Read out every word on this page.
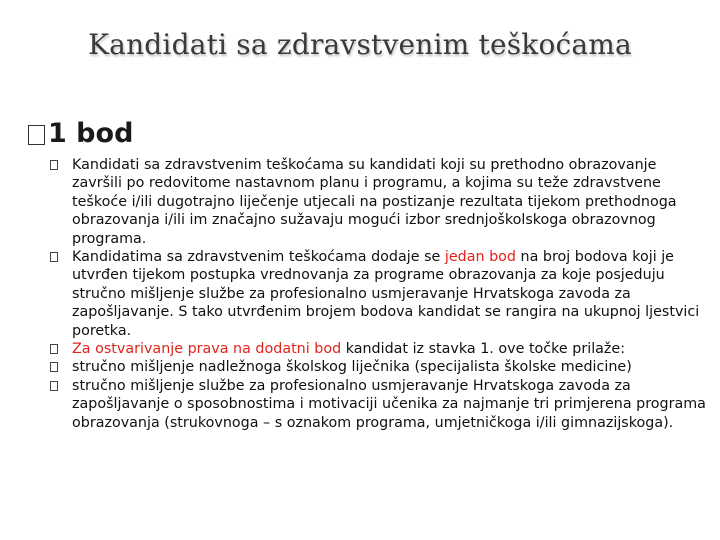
Kandidati sa zdravstvenim teškoćama
1 bod
Kandidati sa zdravstvenim teškoćama su kandidati koji su prethodno obrazovanje završili po redovitome nastavnom planu i programu, a kojima su teže zdravstvene teškoće i/ili dugotrajno liječenje utjecali na postizanje rezultata tijekom prethodnoga obrazovanja i/ili im značajno sužavaju mogući izbor srednjoškolskoga obrazovnog programa.
Kandidatima sa zdravstvenim teškoćama dodaje se jedan bod na broj bodova koji je utvrđen tijekom postupka vrednovanja za programe obrazovanja za koje posjeduju stručno mišljenje službe za profesionalno usmjeravanje Hrvatskoga zavoda za zapošljavanje. S tako utvrđenim brojem bodova kandidat se rangira na ukupnoj ljestvici poretka.
Za ostvarivanje prava na dodatni bod kandidat iz stavka 1. ove točke prilaže:
stručno mišljenje nadležnoga školskog liječnika (specijalista školske medicine)
stručno mišljenje službe za profesionalno usmjeravanje Hrvatskoga zavoda za zapošljavanje o sposobnostima i motivaciji učenika za najmanje tri primjerena programa obrazovanja (strukovnoga – s oznakom programa, umjetničkoga i/ili gimnazijskoga).
